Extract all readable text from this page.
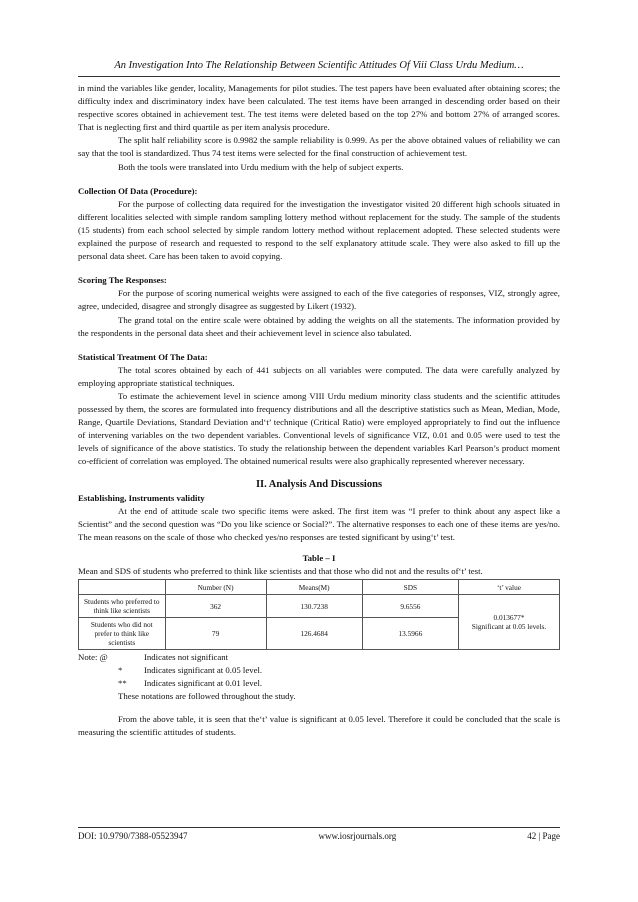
An Investigation Into The Relationship Between Scientific Attitudes Of Viii Class Urdu Medium…

in mind the variables like gender, locality, Managements for pilot studies. The test papers have been evaluated after obtaining scores; the difficulty index and discriminatory index have been calculated. The test items have been arranged in descending order based on their respective scores obtained in achievement test. The test items were deleted based on the top 27% and bottom 27% of arranged scores. That is neglecting first and third quartile as per item analysis procedure.

The split half reliability score is 0.9982 the sample reliability is 0.999. As per the above obtained values of reliability we can say that the tool is standardized. Thus 74 test items were selected for the final construction of achievement test.

Both the tools were translated into Urdu medium with the help of subject experts.

Collection Of Data (Procedure):

For the purpose of collecting data required for the investigation the investigator visited 20 different high schools situated in different localities selected with simple random sampling lottery method without replacement for the study. The sample of the students (15 students) from each school selected by simple random lottery method without replacement adopted. These selected students were explained the purpose of research and requested to respond to the self explanatory attitude scale. They were also asked to fill up the personal data sheet. Care has been taken to avoid copying.

Scoring The Responses:

For the purpose of scoring numerical weights were assigned to each of the five categories of responses, VIZ, strongly agree, agree, undecided, disagree and strongly disagree as suggested by Likert (1932).

The grand total on the entire scale were obtained by adding the weights on all the statements. The information provided by the respondents in the personal data sheet and their achievement level in science also tabulated.

Statistical Treatment Of The Data:

The total scores obtained by each of 441 subjects on all variables were computed. The data were carefully analyzed by employing appropriate statistical techniques.

To estimate the achievement level in science among VIII Urdu medium minority class students and the scientific attitudes possessed by them, the scores are formulated into frequency distributions and all the descriptive statistics such as Mean, Median, Mode, Range, Quartile Deviations, Standard Deviation and‘t’ technique (Critical Ratio) were employed appropriately to find out the influence of intervening variables on the two dependent variables. Conventional levels of significance VIZ, 0.01 and 0.05 were used to test the levels of significance of the above statistics. To study the relationship between the dependent variables Karl Pearson’s product moment co-efficient of correlation was employed. The obtained numerical results were also graphically represented wherever necessary.

II. Analysis And Discussions

Establishing, Instruments validity

At the end of attitude scale two specific items were asked. The first item was “I prefer to think about any aspect like a Scientist” and the second question was “Do you like science or Social?”. The alternative responses to each one of these items are yes/no. The mean reasons on the scale of those who checked yes/no responses are tested significant by using‘t’ test.

Table – I

Mean and SDS of students who preferred to think like scientists and that those who did not and the results of‘t’ test.

	Number (N)	Means(M)	SDS	‘t’ value
Students who preferred to think like scientists	362	130.7238	9.6556	0.013677*
Significant at 0.05 levels.

Students who did not prefer to think like scientists	79	126.4684	13.5966	
Note: @	Indicates not significant
*	Indicates significant at 0.05 level.
**	Indicates significant at 0.01 level.
These notations are followed throughout the study.

From the above table, it is seen that the‘t’ value is significant at 0.05 level. Therefore it could be concluded that the scale is measuring the scientific attitudes of students.

DOI: 10.9790/7388-05523947	www.iosrjournals.org	42 | Page
